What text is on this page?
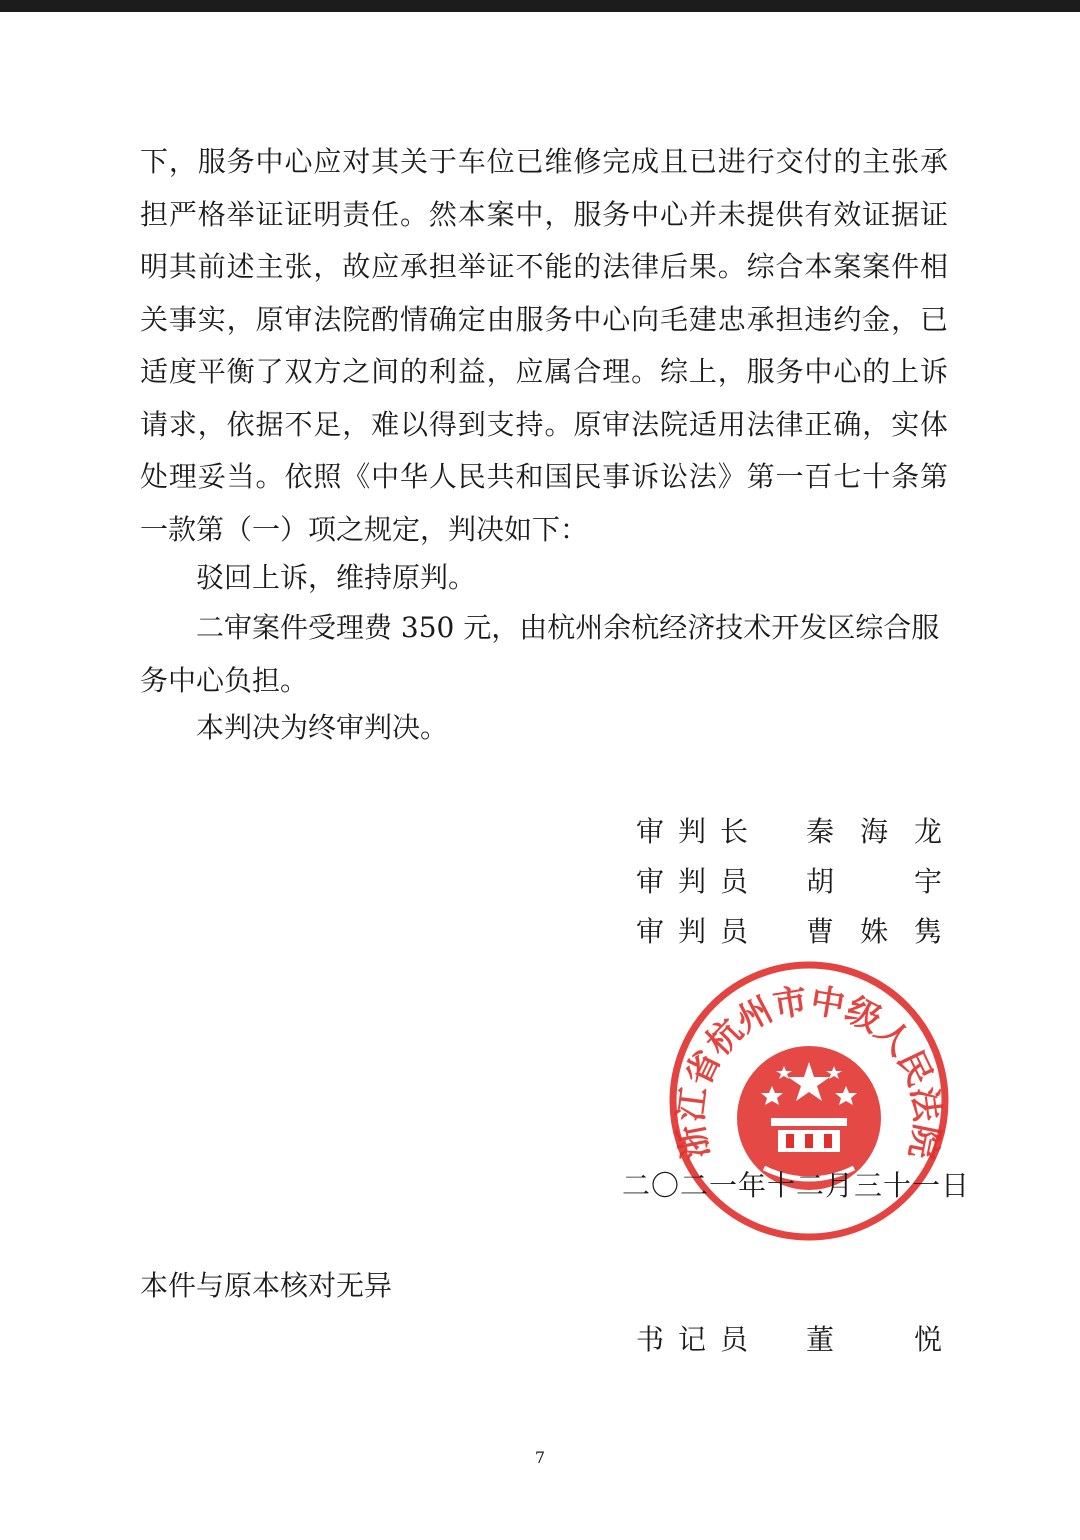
下，服务中心应对其关于车位已维修完成且已进行交付的主张承担严格举证证明责任。然本案中，服务中心并未提供有效证据证明其前述主张，故应承担举证不能的法律后果。综合本案案件相关事实，原审法院酌情确定由服务中心向毛建忠承担违约金，已适度平衡了双方之间的利益，应属合理。综上，服务中心的上诉请求，依据不足，难以得到支持。原审法院适用法律正确，实体处理妥当。依照《中华人民共和国民事诉讼法》第一百七十条第一款第（一）项之规定，判决如下：

驳回上诉，维持原判。

二审案件受理费 350 元，由杭州余杭经济技术开发区综合服务中心负担。

本判决为终审判决。

审判长 秦 海 龙
审判员 胡	宇
审判员 曹 姝 隽
浙江省杭州市中级人民法院
二〇二一年十二月三十一日
本件与原本核对无异
书记员 董	悦
7
